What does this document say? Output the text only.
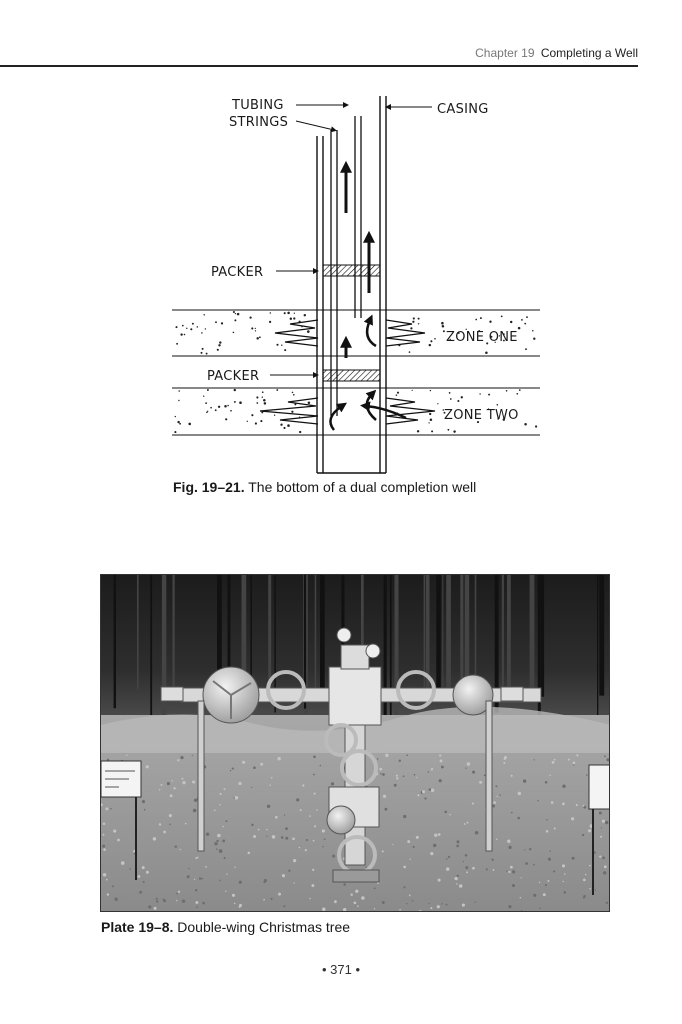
Chapter 19 Completing a Well
TUBING
STRINGS
CASING
PACKER
PACKER
ZONE ONE
ZONE TWO
Fig. 19–21. The bottom of a dual completion well
Plate 19–8. Double-wing Christmas tree
• 371 •
